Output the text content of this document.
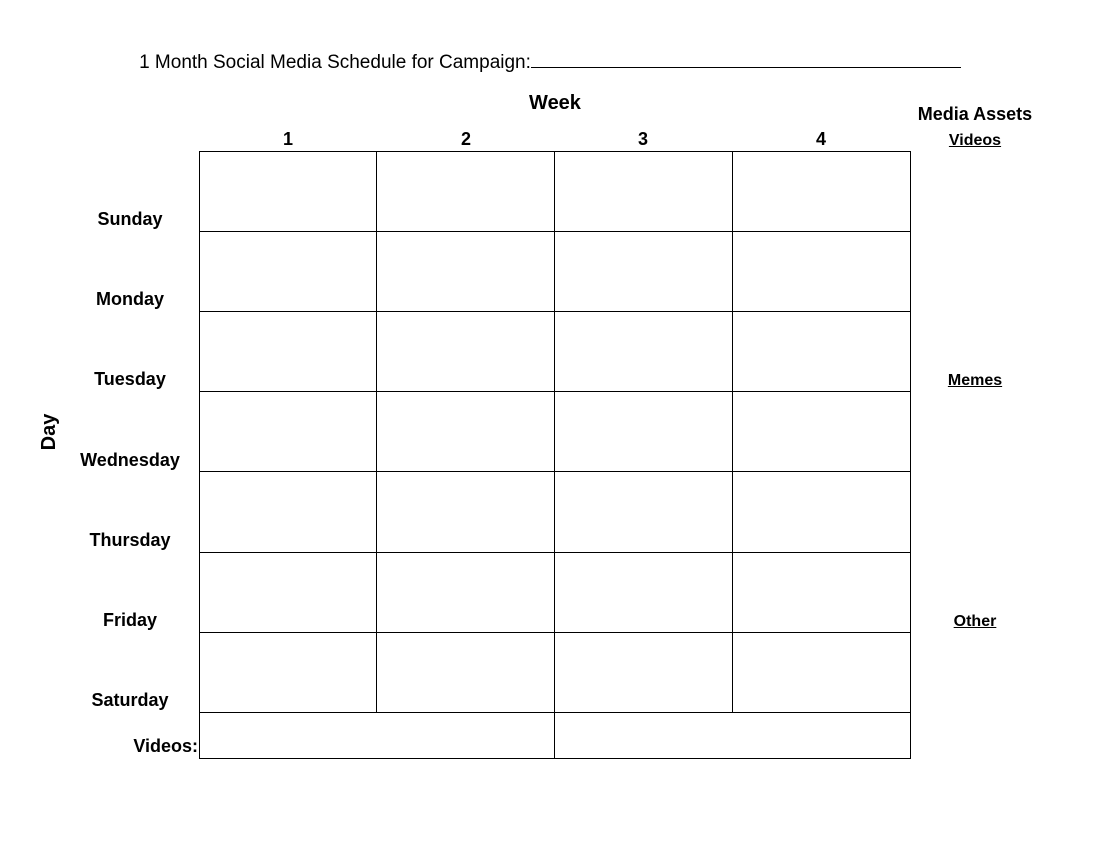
1 Month Social Media Schedule for Campaign:
Week
1	2	3	4
Day
Sunday
Monday
Tuesday
Wednesday
Thursday
Friday
Saturday
Videos:
Media Assets
Videos
Memes
Other
